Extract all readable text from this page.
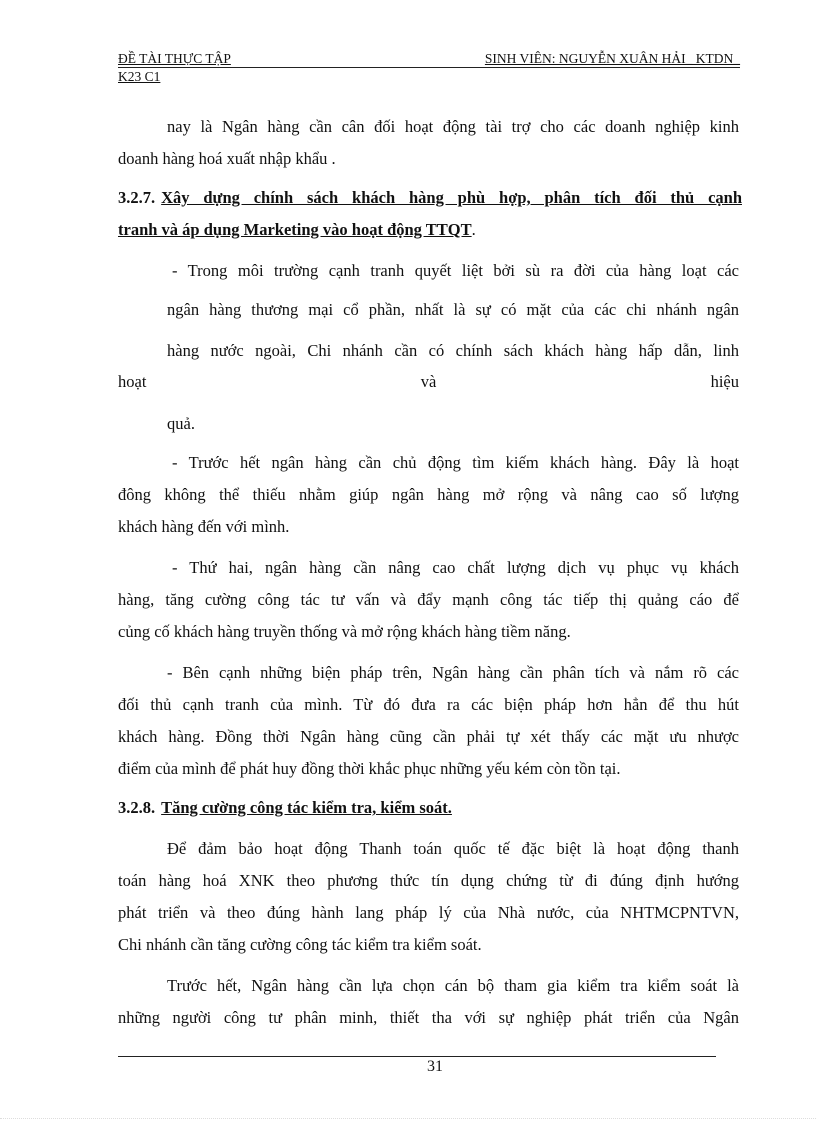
ĐỀ TÀI THỰC TẬP	SINH VIÊN: NGUYỄN XUÂN HẢI_ KTDN_
K23 C1
nay là Ngân hàng cần cân đối hoạt động tài trợ cho các doanh nghiệp kinh
doanh hàng hoá xuất nhập khẩu .
3.2.7. Xây dựng chính sách khách hàng phù hợp, phân tích đối thủ cạnh
tranh và áp dụng Marketing vào hoạt động TTQT.
- Trong môi trường cạnh tranh quyết liệt bởi sù ra đời của hàng loạt các
ngân hàng thương mại cổ phần, nhất là sự có mặt của các chi nhánh ngân
hàng nước ngoài, Chi nhánh cần có chính sách khách hàng hấp dẫn, linh
hoạt	và	hiệu
quả.
- Trước hết ngân hàng cần chủ động tìm kiếm khách hàng. Đây là hoạt
đông không thể thiếu nhằm giúp ngân hàng mở rộng và nâng cao số lượng
khách hàng đến với mình.
- Thứ hai, ngân hàng cần nâng cao chất lượng dịch vụ phục vụ khách
hàng, tăng cường công tác tư vấn và đẩy mạnh công tác tiếp thị quảng cáo để
củng cố khách hàng truyền thống và mở rộng khách hàng tiềm năng.
- Bên cạnh những biện pháp trên, Ngân hàng cần phân tích và nắm rõ các
đối thủ cạnh tranh của mình. Từ đó đưa ra các biện pháp hơn hẳn để thu hút
khách hàng. Đồng thời Ngân hàng cũng cần phải tự xét thấy các mặt ưu nhược
điểm của mình để phát huy đồng thời khắc phục những yếu kém còn tồn tại.
3.2.8. Tăng cường công tác kiểm tra, kiểm soát.
Để đảm bảo hoạt động Thanh toán quốc tế đặc biệt là hoạt động thanh
toán hàng hoá XNK theo phương thức tín dụng chứng từ đi đúng định hướng
phát triển và theo đúng hành lang pháp lý của Nhà nước, của NHTMCPNTVN,
Chi nhánh cần tăng cường công tác kiểm tra kiểm soát.
Trước hết, Ngân hàng cần lựa chọn cán bộ tham gia kiểm tra kiểm soát là
những người công tư phân minh, thiết tha với sự nghiệp phát triển của Ngân
31
